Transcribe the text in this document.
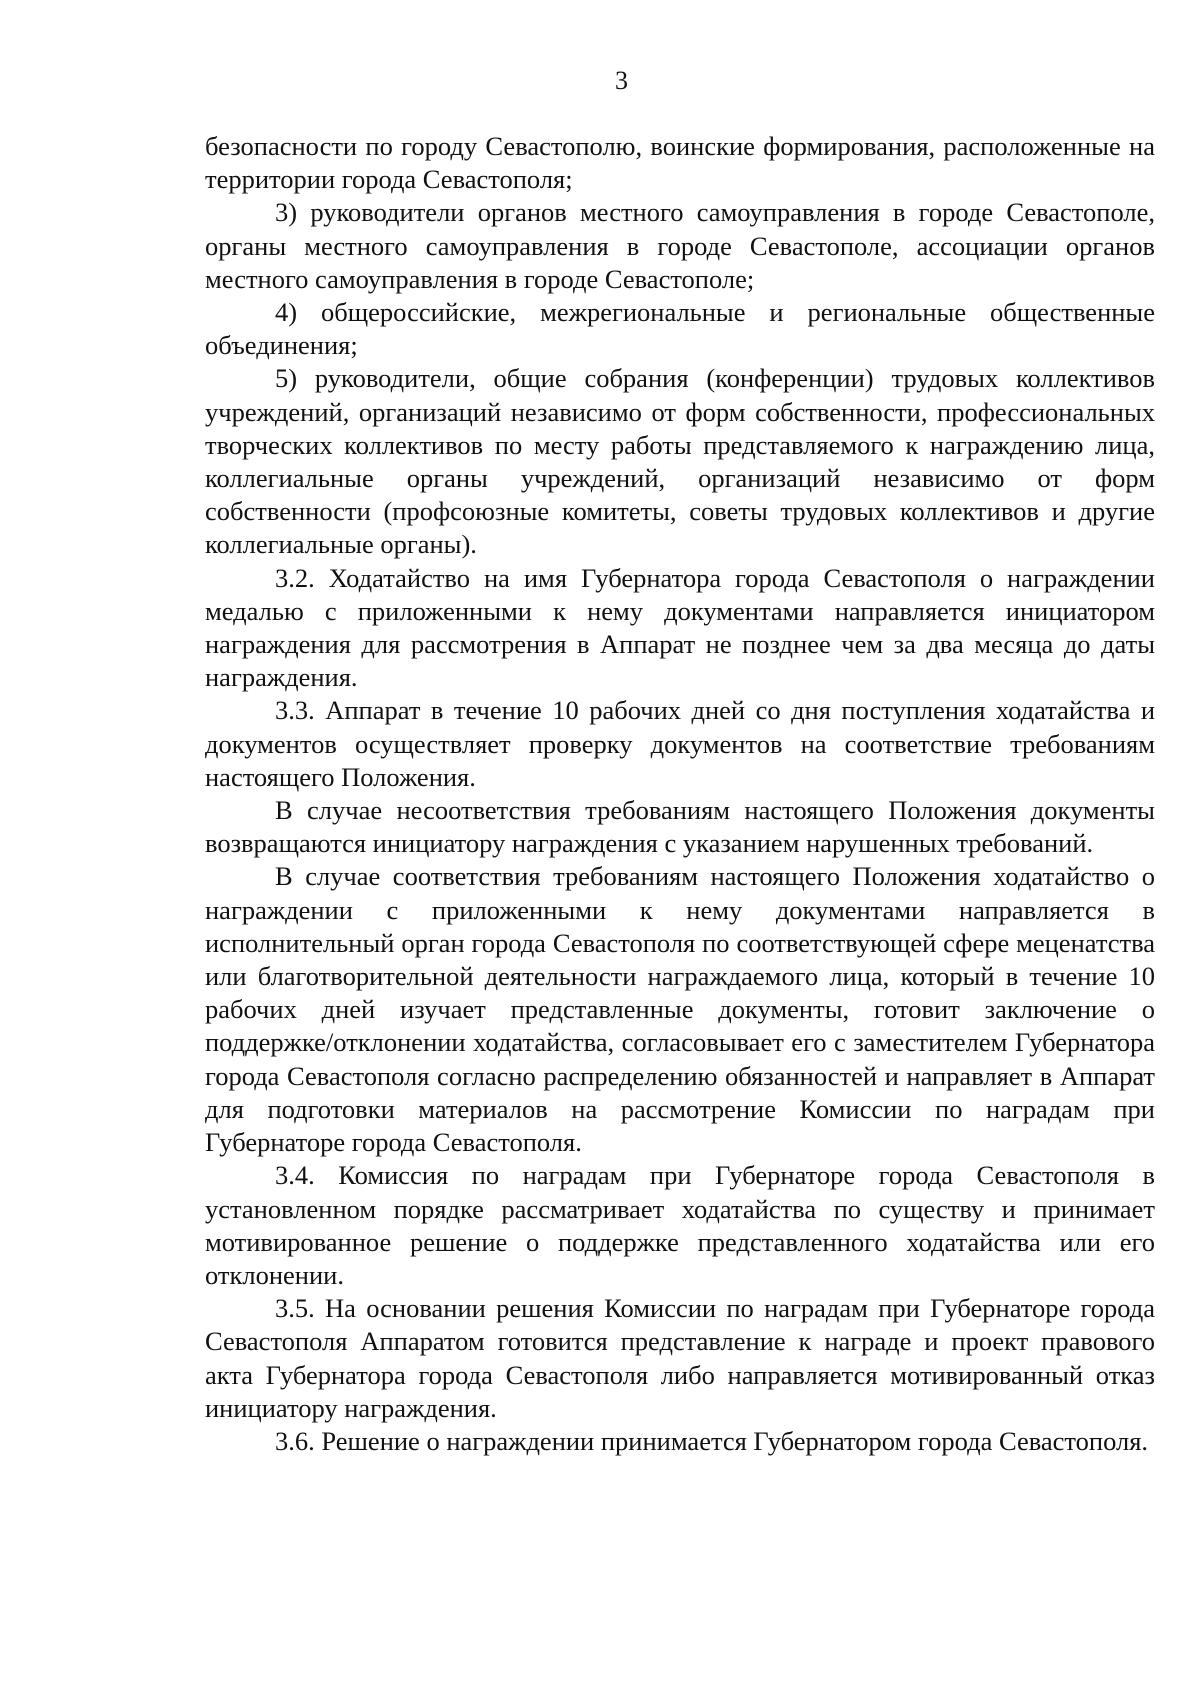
3

безопасности по городу Севастополю, воинские формирования, расположенные на территории города Севастополя;

3) руководители органов местного самоуправления в городе Севастополе, органы местного самоуправления в городе Севастополе, ассоциации органов местного самоуправления в городе Севастополе;

4) общероссийские, межрегиональные и региональные общественные объединения;

5) руководители, общие собрания (конференции) трудовых коллективов учреждений, организаций независимо от форм собственности, профессиональных творческих коллективов по месту работы представляемого к награждению лица, коллегиальные органы учреждений, организаций независимо от форм собственности (профсоюзные комитеты, советы трудовых коллективов и другие коллегиальные органы).

3.2. Ходатайство на имя Губернатора города Севастополя о награждении медалью с приложенными к нему документами направляется инициатором награждения для рассмотрения в Аппарат не позднее чем за два месяца до даты награждения.

3.3. Аппарат в течение 10 рабочих дней со дня поступления ходатайства и документов осуществляет проверку документов на соответствие требованиям настоящего Положения.

В случае несоответствия требованиям настоящего Положения документы возвращаются инициатору награждения с указанием нарушенных требований.

В случае соответствия требованиям настоящего Положения ходатайство о награждении с приложенными к нему документами направляется в исполнительный орган города Севастополя по соответствующей сфере меценатства или благотворительной деятельности награждаемого лица, который в течение 10 рабочих дней изучает представленные документы, готовит заключение о поддержке/отклонении ходатайства, согласовывает его с заместителем Губернатора города Севастополя согласно распределению обязанностей и направляет в Аппарат для подготовки материалов на рассмотрение Комиссии по наградам при Губернаторе города Севастополя.

3.4. Комиссия по наградам при Губернаторе города Севастополя в установленном порядке рассматривает ходатайства по существу и принимает мотивированное решение о поддержке представленного ходатайства или его отклонении.

3.5. На основании решения Комиссии по наградам при Губернаторе города Севастополя Аппаратом готовится представление к награде и проект правового акта Губернатора города Севастополя либо направляется мотивированный отказ инициатору награждения.

3.6. Решение о награждении принимается Губернатором города Севастополя.
